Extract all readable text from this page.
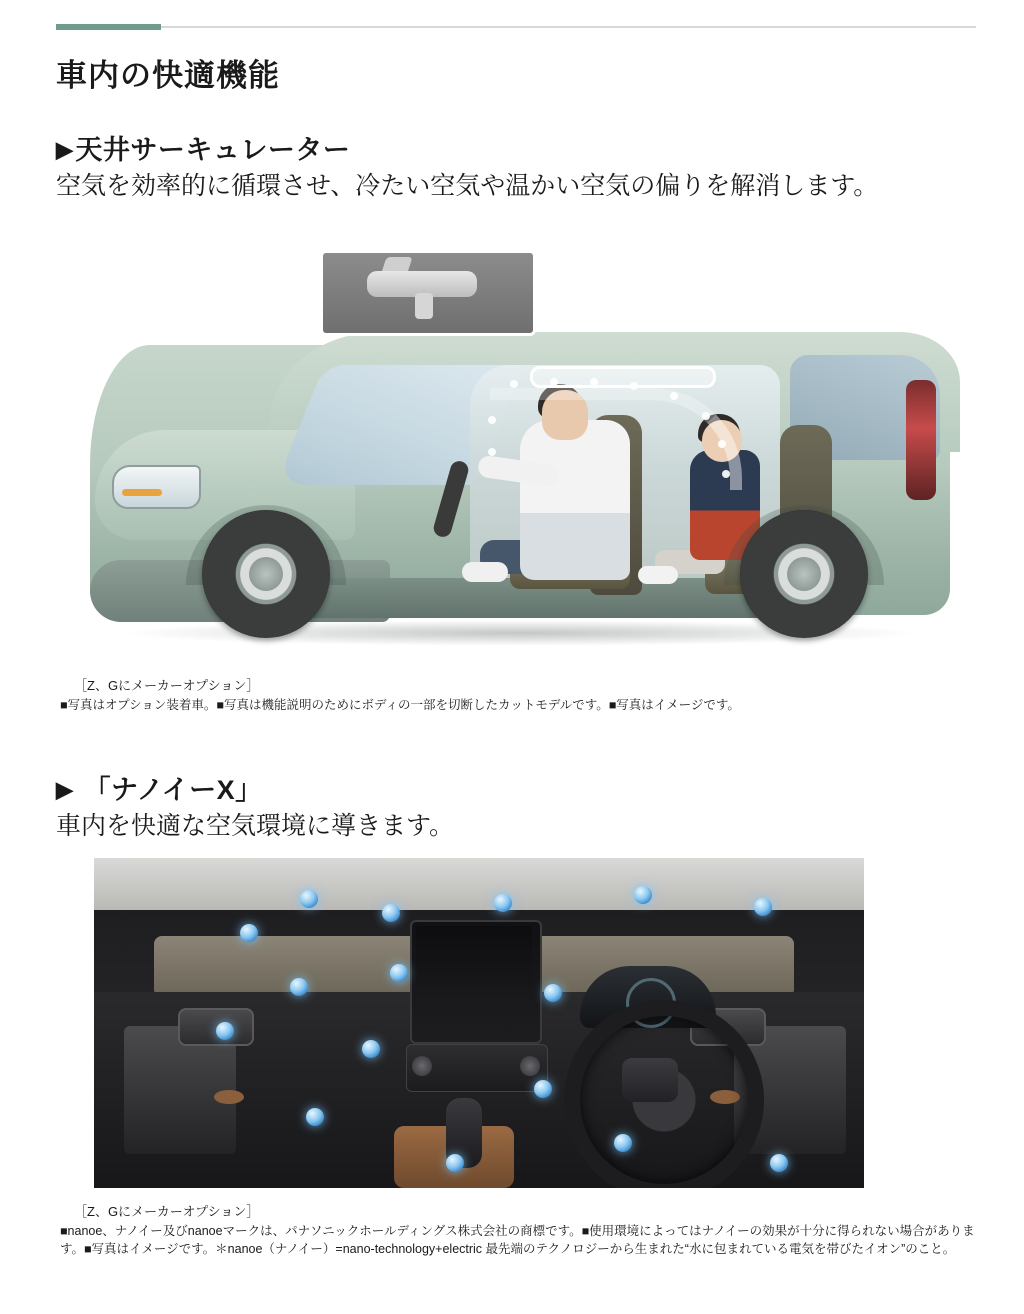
車内の快適機能
▶天井サーキュレーター

空気を効率的に循環させ、冷たい空気や温かい空気の偏りを解消します。

［Z、Gにメーカーオプション］
■写真はオプション装着車。■写真は機能説明のためにボディの一部を切断したカットモデルです。■写真はイメージです。
▶ 「ナノイーX」

車内を快適な空気環境に導きます。

［Z、Gにメーカーオプション］
■nanoe、ナノイー及びnanoeマークは、パナソニックホールディングス株式会社の商標です。■使用環境によってはナノイーの効果が十分に得られない場合があります。■写真はイメージです。＊nanoe（ナノイー）=nano-technology+electric 最先端のテクノロジーから生まれた“水に包まれている電気を帯びたイオン”のこと。
